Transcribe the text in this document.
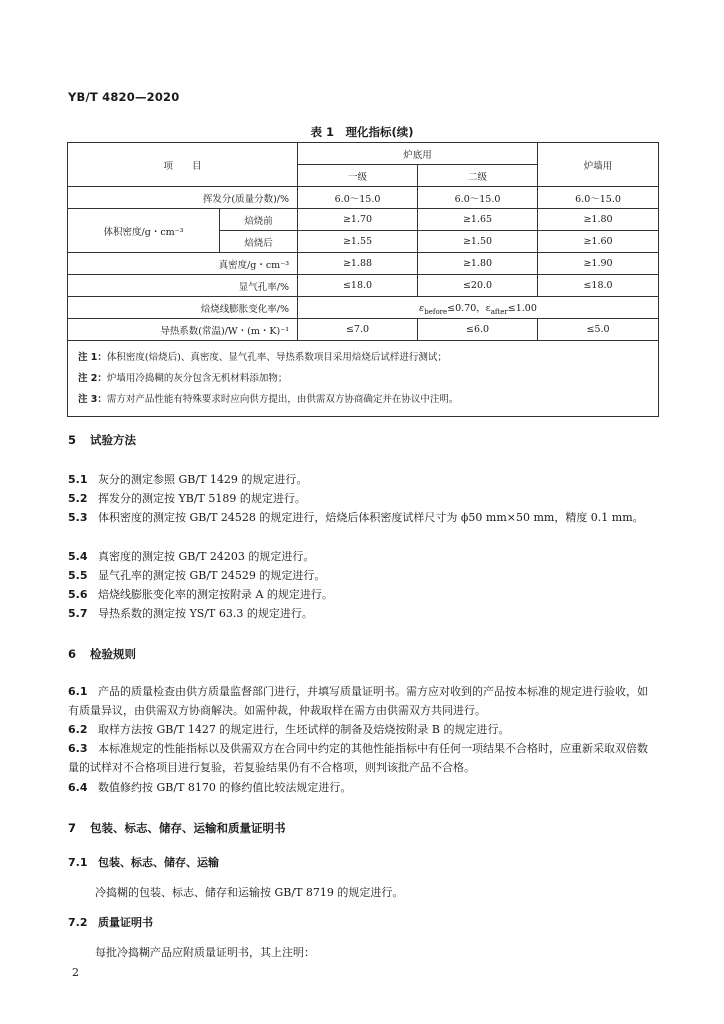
YB/T 4820—2020
表 1　理化指标(续)
项　　目		炉底用		炉墙用
		一级	二级	
挥发分(质量分数)/%		6.0～15.0	6.0～15.0	6.0～15.0
体积密度/g・cm⁻³	焙烧前	≥1.70	≥1.65	≥1.80
	焙烧后	≥1.55	≥1.50	≥1.60
真密度/g・cm⁻³		≥1.88	≥1.80	≥1.90
显气孔率/%		≤18.0	≤20.0	≤18.0
焙烧线膨胀变化率/%		$\varepsilon_{before}\le 0.70$，$\varepsilon_{after}\le 1.00$		
导热系数(常温)/W・(m・K)⁻¹		≤7.0	≤6.0	≤5.0

注 1：体积密度(焙烧后)、真密度、显气孔率、导热系数项目采用焙烧后试样进行测试；
注 2：炉墙用冷捣糊的灰分包含无机材料添加物；
注 3：需方对产品性能有特殊要求时应向供方提出，由供需双方协商确定并在协议中注明。				
5 试验方法
5.1 灰分的测定参照 GB/T 1429 的规定进行。
5.2 挥发分的测定按 YB/T 5189 的规定进行。
5.3 体积密度的测定按 GB/T 24528 的规定进行，焙烧后体积密度试样尺寸为 ϕ50 mm×50 mm，精度 0.1 mm。
5.4 真密度的测定按 GB/T 24203 的规定进行。
5.5 显气孔率的测定按 GB/T 24529 的规定进行。
5.6 焙烧线膨胀变化率的测定按附录 A 的规定进行。
5.7 导热系数的测定按 YS/T 63.3 的规定进行。
6 检验规则
6.1 产品的质量检查由供方质量监督部门进行，并填写质量证明书。需方应对收到的产品按本标准的规定进行验收，如有质量异议，由供需双方协商解决。如需仲裁，仲裁取样在需方由供需双方共同进行。
6.2 取样方法按 GB/T 1427 的规定进行，生坯试样的制备及焙烧按附录 B 的规定进行。
6.3 本标准规定的性能指标以及供需双方在合同中约定的其他性能指标中有任何一项结果不合格时，应重新采取双倍数量的试样对不合格项目进行复验，若复验结果仍有不合格项，则判该批产品不合格。
6.4 数值修约按 GB/T 8170 的修约值比较法规定进行。
7 包装、标志、储存、运输和质量证明书
7.1 包装、标志、储存、运输
冷捣糊的包装、标志、储存和运输按 GB/T 8719 的规定进行。
7.2 质量证明书
每批冷捣糊产品应附质量证明书，其上注明：
2
